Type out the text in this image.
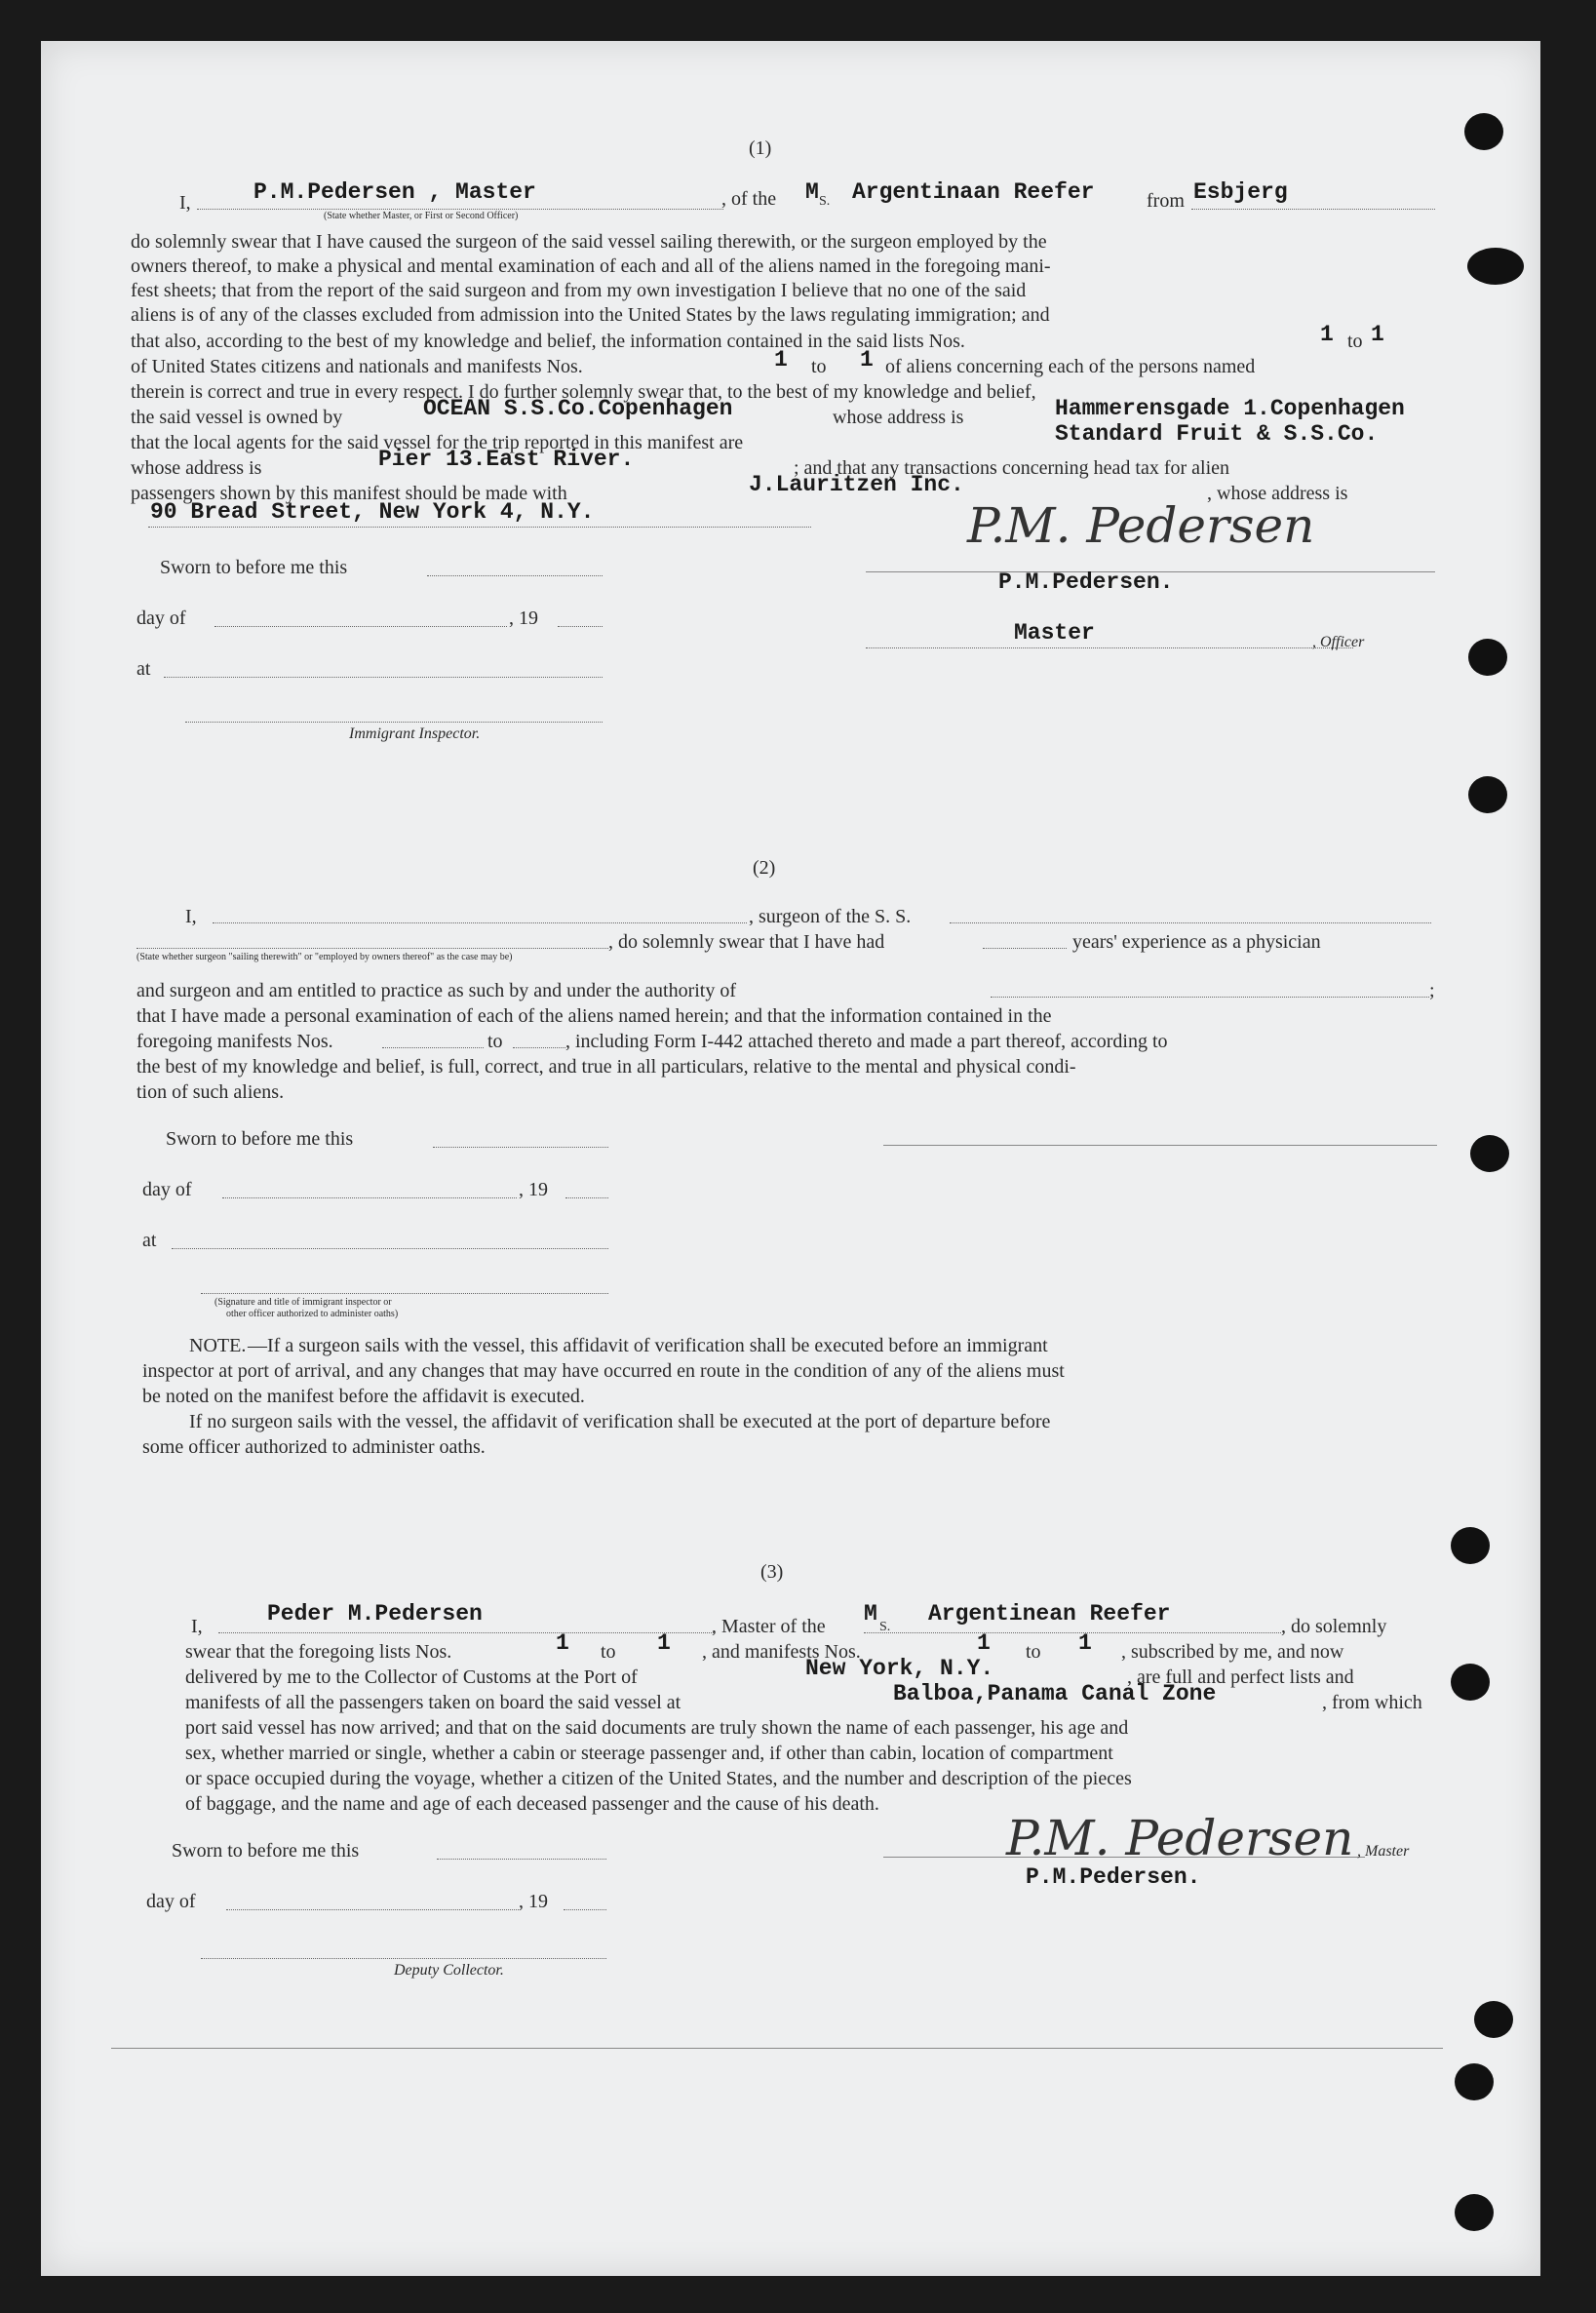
(1)
I,	P.M.Pedersen , Master	, of the M S. Argentinaan Reefer	from Esbjerg
(State whether Master, or First or Second Officer)
do solemnly swear that I have caused the surgeon of the said vessel sailing therewith, or the surgeon employed by the
owners thereof, to make a physical and mental examination of each and all of the aliens named in the foregoing mani-
fest sheets; that from the report of the said surgeon and from my own investigation I believe that no one of the said
aliens is of any of the classes excluded from admission into the United States by the laws regulating immigration; and
that also, according to the best of my knowledge and belief, the information contained in the said lists Nos.	1 to 1
of United States citizens and nationals and manifests Nos.	1 to 1 of aliens concerning each of the persons named
therein is correct and true in every respect. I do further solemnly swear that, to the best of my knowledge and belief,
the said vessel is owned by	OCEAN S.S.Co.Copenhagen	whose address is	Hammerensgade 1.Copenhagen
that the local agents for the said vessel for the trip reported in this manifest are	Standard Fruit & S.S.Co.
whose address is	Pier 13.East River.	; and that any transactions concerning head tax for alien
passengers shown by this manifest should be made with	J.Lauritzen Inc.	, whose address is
90 Bread Street, New York 4, N.Y.
Sworn to before me this
day of	, 19
at
Immigrant Inspector.
P.M. Pedersen
P.M.Pedersen.
Master	, Officer
(2)
I,	, surgeon of the S. S.
, do solemnly swear that I have had	years' experience as a physician
(State whether surgeon "sailing therewith" or "employed by owners thereof" as the case may be)
and surgeon and am entitled to practice as such by and under the authority of	;
that I have made a personal examination of each of the aliens named herein; and that the information contained in the
foregoing manifests Nos.	to	, including Form I-442 attached thereto and made a part thereof, according to
the best of my knowledge and belief, is full, correct, and true in all particulars, relative to the mental and physical condi-
tion of such aliens.
Sworn to before me this
day of	, 19
at
(Signature and title of immigrant inspector or
other officer authorized to administer oaths)
NOTE. —If a surgeon sails with the vessel, this affidavit of verification shall be executed before an immigrant
inspector at port of arrival, and any changes that may have occurred en route in the condition of any of the aliens must
be noted on the manifest before the affidavit is executed.
If no surgeon sails with the vessel, the affidavit of verification shall be executed at the port of departure before
some officer authorized to administer oaths.
(3)
I,	Peder M.Pedersen	, Master of the M
S.
Argentinean Reefer	, do solemnly
swear that the foregoing lists Nos.	1 to 1 , and manifests Nos.	1 to 1 , subscribed by me, and now
delivered by me to the Collector of Customs at the Port of	New York, N.Y.	, are full and perfect lists and
manifests of all the passengers taken on board the said vessel at	Balboa,Panama Canal Zone	, from which
port said vessel has now arrived; and that on the said documents are truly shown the name of each passenger, his age and
sex, whether married or single, whether a cabin or steerage passenger and, if other than cabin, location of compartment
or space occupied during the voyage, whether a citizen of the United States, and the number and description of the pieces
of baggage, and the name and age of each deceased passenger and the cause of his death.
Sworn to before me this
day of	, 19
Deputy Collector.
P.M. Pedersen , Master
P.M.Pedersen.
